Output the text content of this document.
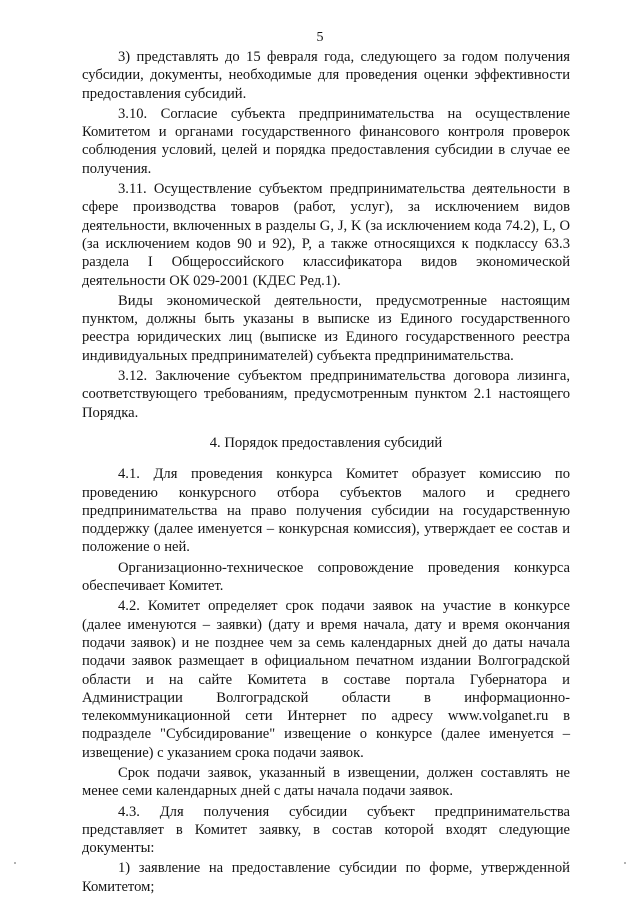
5

3) представлять до 15 февраля года, следующего за годом получения субсидии, документы, необходимые для проведения оценки эффективности предоставления субсидий.

3.10. Согласие субъекта предпринимательства на осуществление Комитетом и органами государственного финансового контроля проверок соблюдения условий, целей и порядка предоставления субсидии в случае ее получения.

3.11. Осуществление субъектом предпринимательства деятельности в сфере производства товаров (работ, услуг), за исключением видов деятельности, включенных в разделы G, J, K (за исключением кода 74.2), L, O (за исключением кодов 90 и 92), P, а также относящихся к подклассу 63.3 раздела I Общероссийского классификатора видов экономической деятельности ОК 029-2001 (КДЕС Ред.1).

Виды экономической деятельности, предусмотренные настоящим пунктом, должны быть указаны в выписке из Единого государственного реестра юридических лиц (выписке из Единого государственного реестра индивидуальных предпринимателей) субъекта предпринимательства.

3.12. Заключение субъектом предпринимательства договора лизинга, соответствующего требованиям, предусмотренным пунктом 2.1 настоящего Порядка.

4. Порядок предоставления субсидий

4.1. Для проведения конкурса Комитет образует комиссию по проведению конкурсного отбора субъектов малого и среднего предпринимательства на право получения субсидии на государственную поддержку (далее именуется – конкурсная комиссия), утверждает ее состав и положение о ней.

Организационно-техническое сопровождение проведения конкурса обеспечивает Комитет.

4.2. Комитет определяет срок подачи заявок на участие в конкурсе (далее именуются – заявки) (дату и время начала, дату и время окончания подачи заявок) и не позднее чем за семь календарных дней до даты начала подачи заявок размещает в официальном печатном издании Волгоградской области и на сайте Комитета в составе портала Губернатора и Администрации Волгоградской области в информационно-телекоммуникационной сети Интернет по адресу www.volganet.ru в подразделе "Субсидирование" извещение о конкурсе (далее именуется – извещение) с указанием срока подачи заявок.

Срок подачи заявок, указанный в извещении, должен составлять не менее семи календарных дней с даты начала подачи заявок.

4.3. Для получения субсидии субъект предпринимательства представляет в Комитет заявку, в состав которой входят следующие документы:

1) заявление на предоставление субсидии по форме, утвержденной Комитетом;
